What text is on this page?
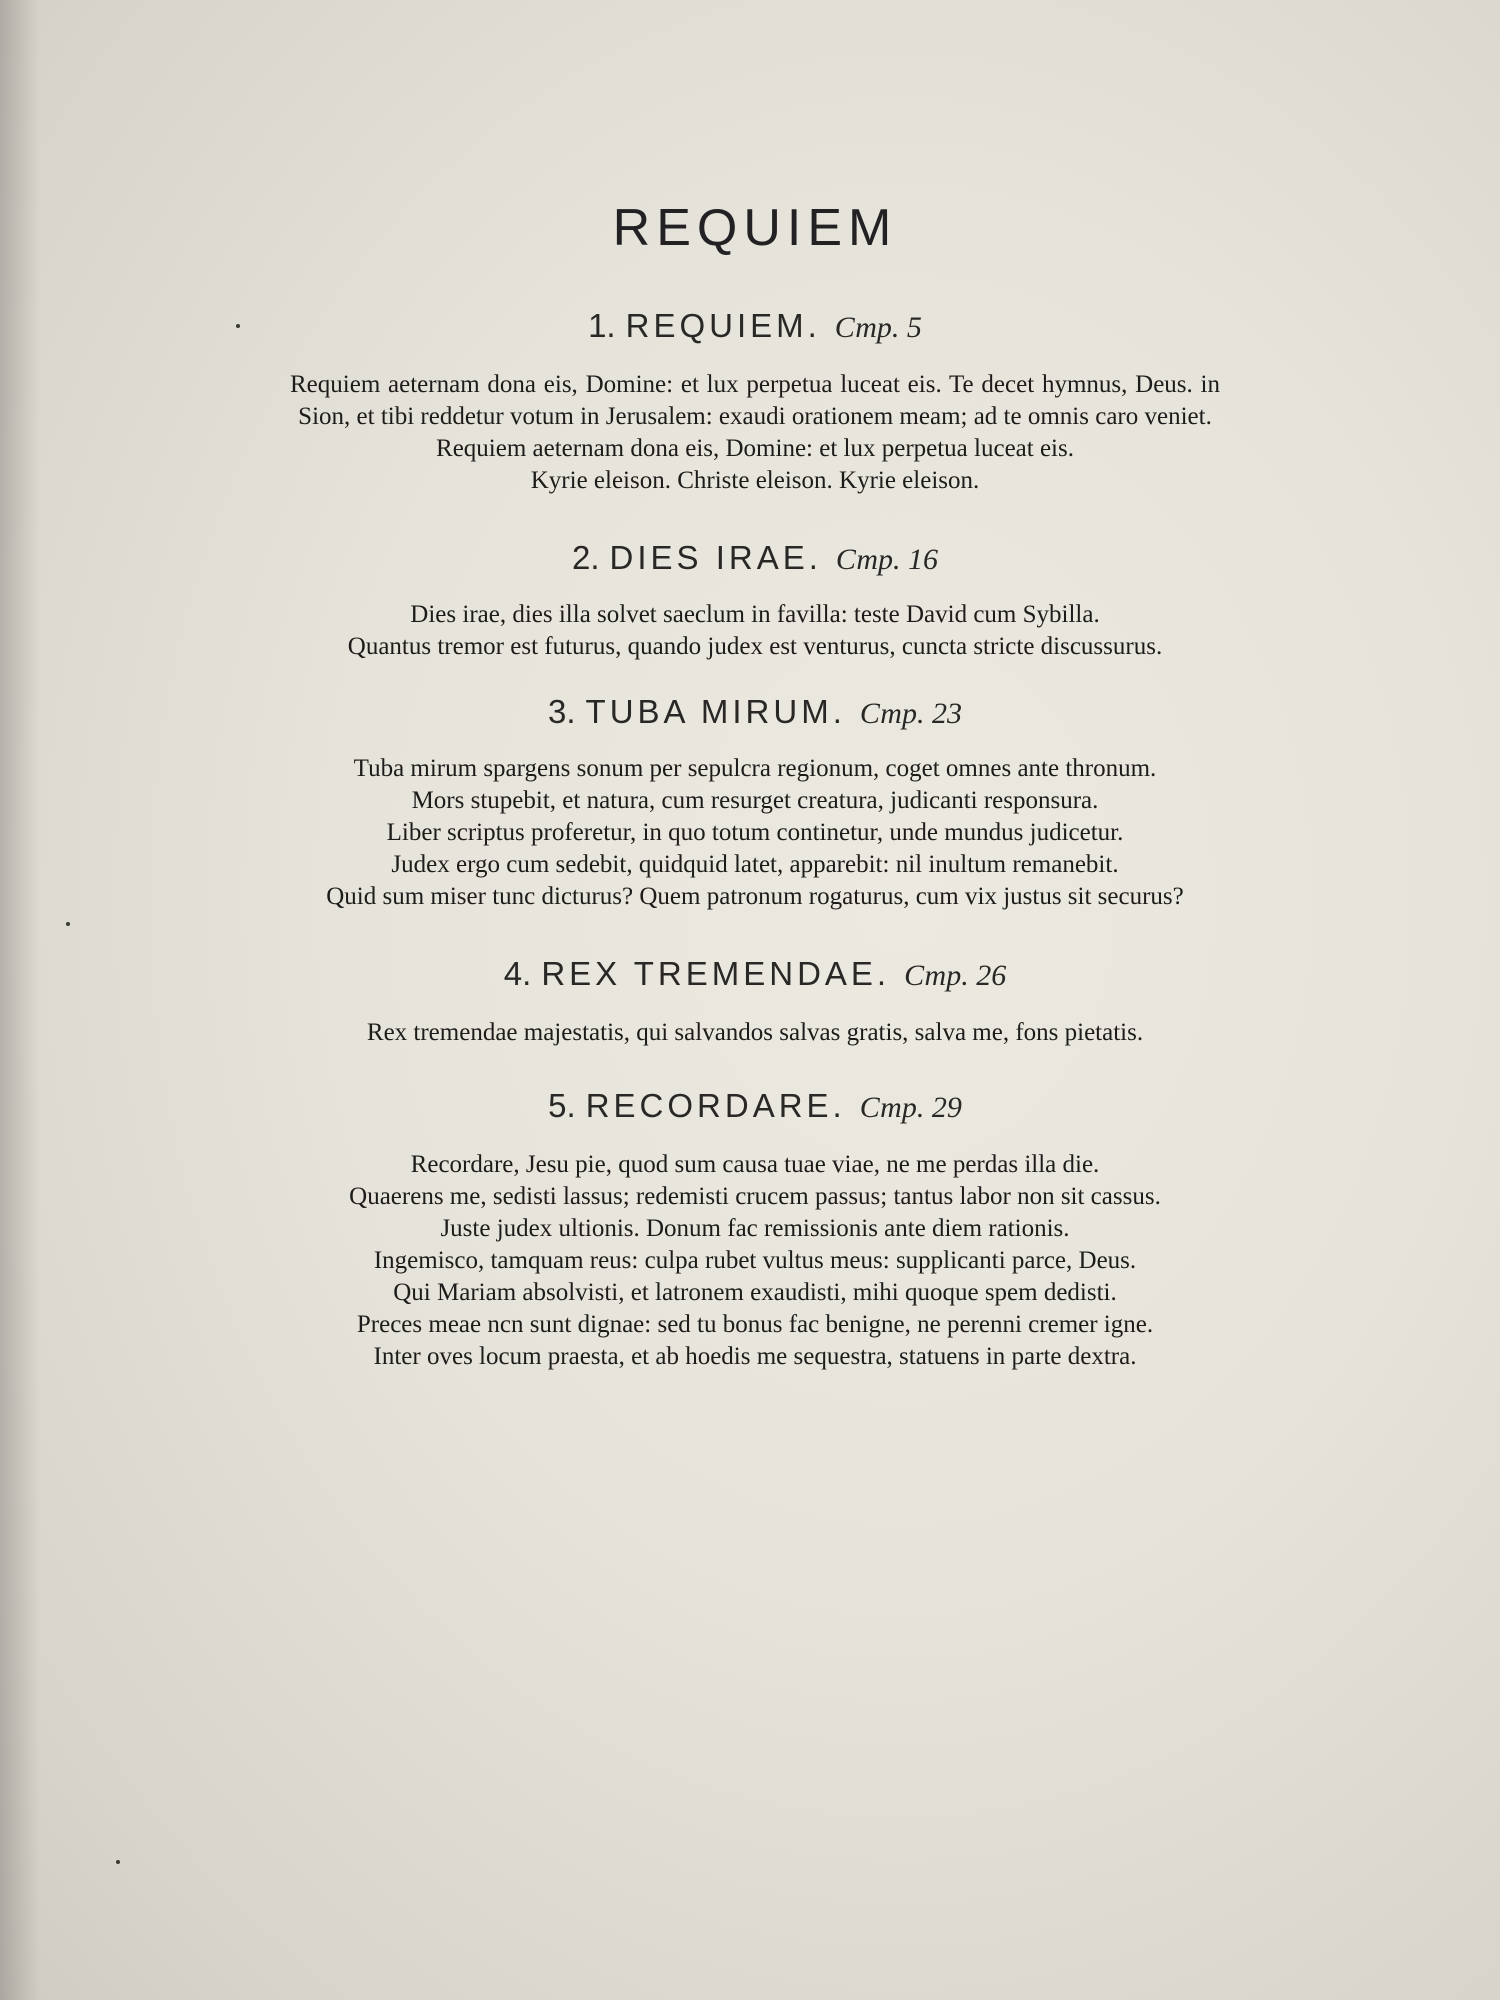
REQUIEM
1. REQUIEM. Стр. 5

Requiem aeternam dona eis, Domine: et lux perpetua luceat eis. Te decet hymnus, Deus. in Sion, et tibi reddetur votum in Jerusalem: exaudi orationem meam; ad te omnis caro veniet.

Requiem aeternam dona eis, Domine: et lux perpetua luceat eis.

Kyrie eleison. Christe eleison. Kyrie eleison.

2. DIES IRAE. Стр. 16

Dies irae, dies illa solvet saeclum in favilla: teste David cum Sybilla.

Quantus tremor est futurus, quando judex est venturus, cuncta stricte discussurus.

3. TUBA MIRUM. Стр. 23

Tuba mirum spargens sonum per sepulcra regionum, coget omnes ante thronum.

Mors stupebit, et natura, cum resurget creatura, judicanti responsura.

Liber scriptus proferetur, in quo totum continetur, unde mundus judicetur.

Judex ergo cum sedebit, quidquid latet, apparebit: nil inultum remanebit.

Quid sum miser tunc dicturus? Quem patronum rogaturus, cum vix justus sit securus?

4. REX TREMENDAE. Стр. 26

Rex tremendae majestatis, qui salvandos salvas gratis, salva me, fons pietatis.

5. RECORDARE. Стр. 29

Recordare, Jesu pie, quod sum causa tuae viae, ne me perdas illa die.

Quaerens me, sedisti lassus; redemisti crucem passus; tantus labor non sit cassus.

Juste judex ultionis. Donum fac remissionis ante diem rationis.

Ingemisco, tamquam reus: culpa rubet vultus meus: supplicanti parce, Deus.

Qui Mariam absolvisti, et latronem exaudisti, mihi quoque spem dedisti.

Preces meae ncn sunt dignae: sed tu bonus fac benigne, ne perenni cremer igne.

Inter oves locum praesta, et ab hoedis me sequestra, statuens in parte dextra.
